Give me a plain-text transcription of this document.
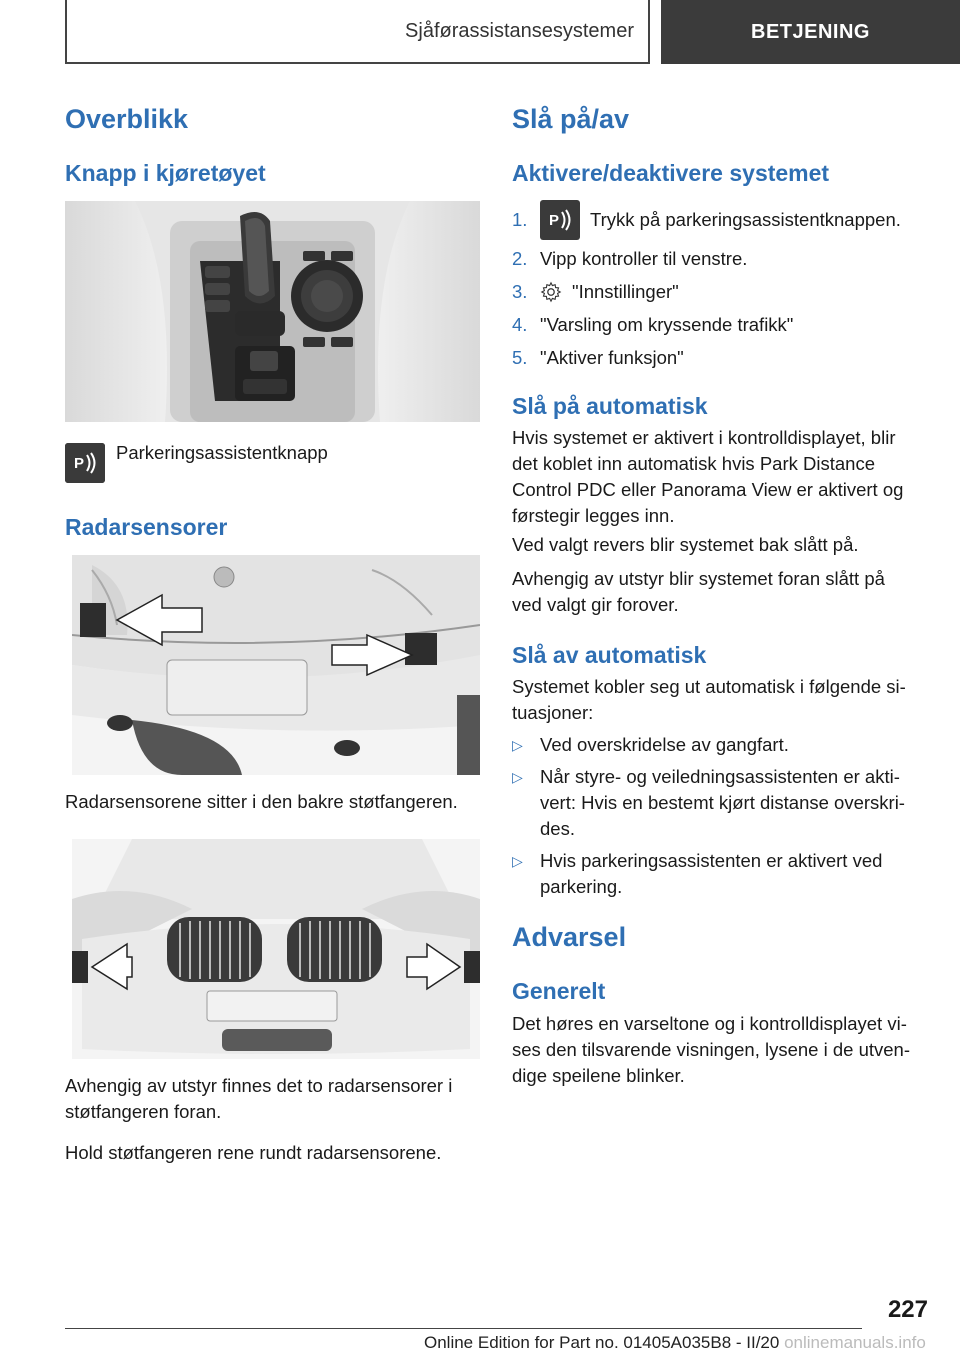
Sjåførassistansesystemer	BETJENING
Overblikk
Knapp i kjøretøyet
P
Parkeringsassistentknapp
Radarsensorer
Radarsensorene sitter i den bakre støtfangeren.
Avhengig av utstyr finnes det to radarsensorer i
støtfangeren foran.
Hold støtfangeren rene rundt radarsensorene.
Slå på/av
Aktivere/deaktivere systemet
1.	P Trykk på parkeringsassistentknappen.
2. Vipp kontroller til venstre.
3.	"Innstillinger"
4. "Varsling om kryssende trafikk"
5. "Aktiver funksjon"
Slå på automatisk
Hvis systemet er aktivert i kontrolldisplayet, blir
det koblet inn automatisk hvis Park Distance
Control PDC eller Panorama View er aktivert og
førstegir legges inn.
Ved valgt revers blir systemet bak slått på.
Avhengig av utstyr blir systemet foran slått på
ved valgt gir forover.
Slå av automatisk
Systemet kobler seg ut automatisk i følgende si-
tuasjoner:
▷ Ved overskridelse av gangfart.
▷ Når styre- og veiledningsassistenten er akti-
vert: Hvis en bestemt kjørt distanse overskri-
des.
▷ Hvis parkeringsassistenten er aktivert ved
parkering.
Advarsel
Generelt
Det høres en varseltone og i kontrolldisplayet vi-
ses den tilsvarende visningen, lysene i de utven-
dige speilene blinker.
227
Online Edition for Part no. 01405A035B8 - II/20 onlinemanuals.info
